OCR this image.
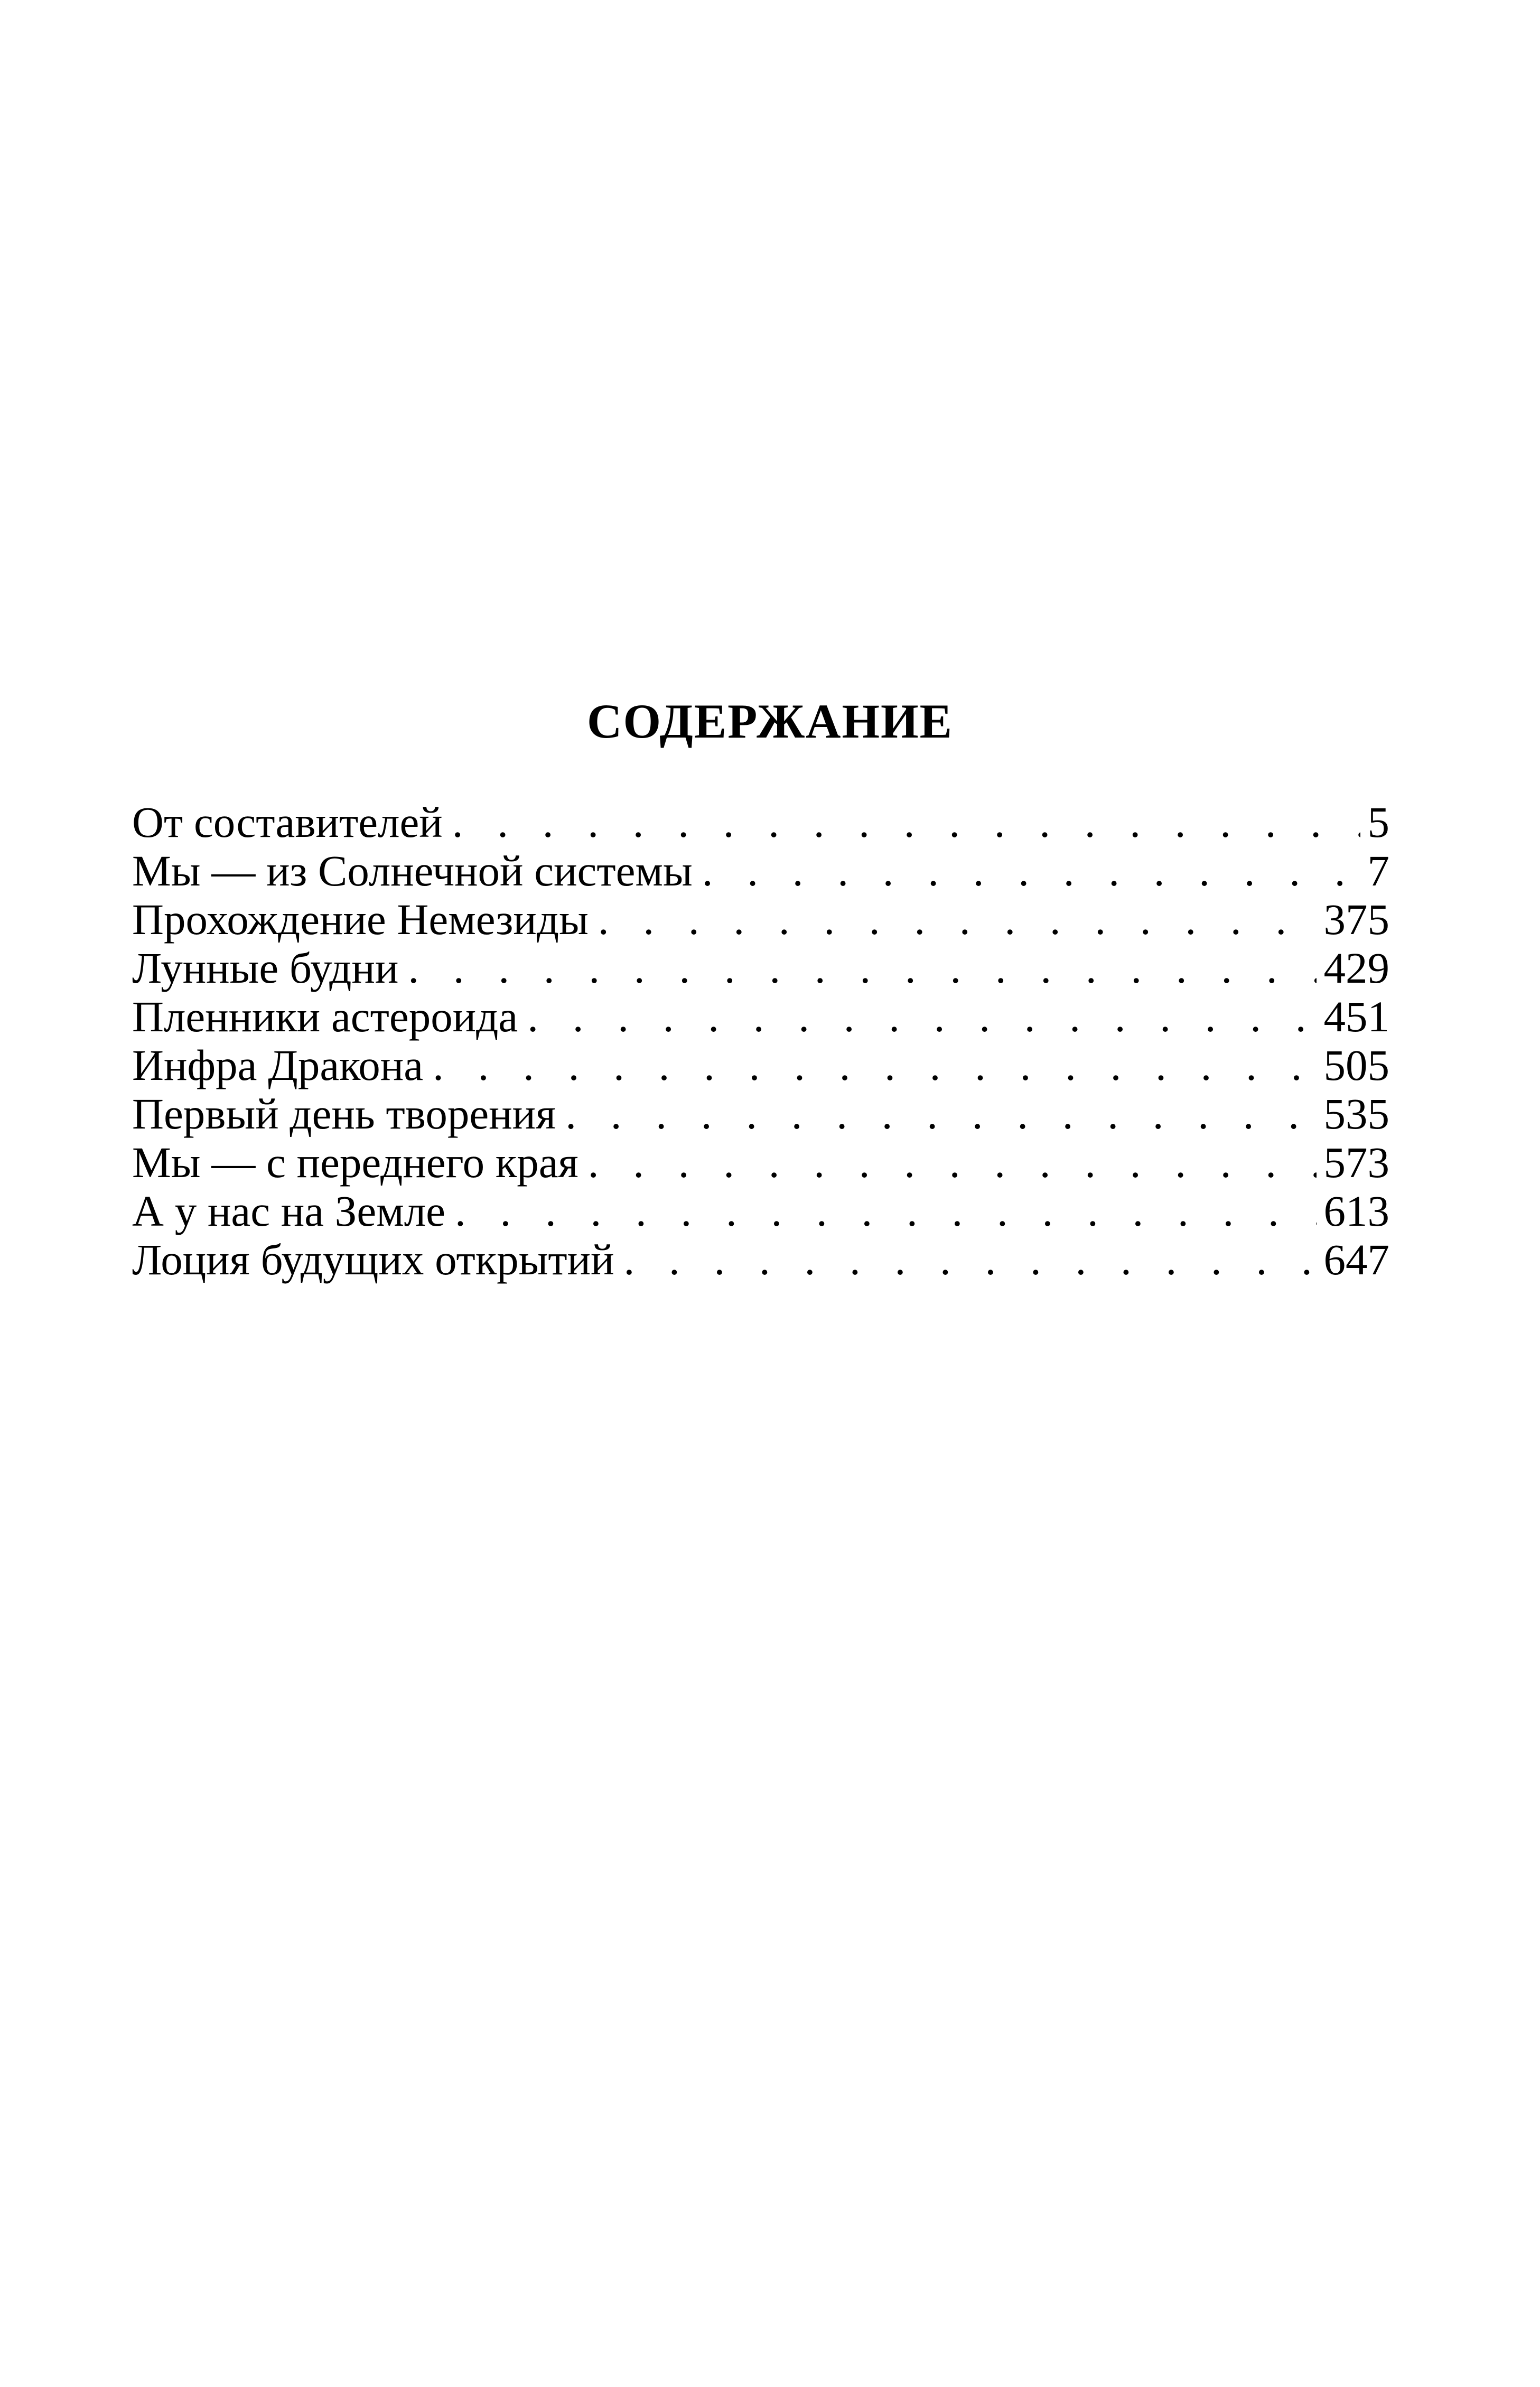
СОДЕРЖАНИЕ
От составителей . . .	5
Мы — из Солнечной системы . . .	7
Прохождение Немезиды . . .	375
Лунные будни . . .	429
Пленники астероида . . .	451
Инфра Дракона . . .	505
Первый день творения . . .	535
Мы — с переднего края . . .	573
А у нас на Земле . . .	613
Лоция будущих открытий . . .	647
